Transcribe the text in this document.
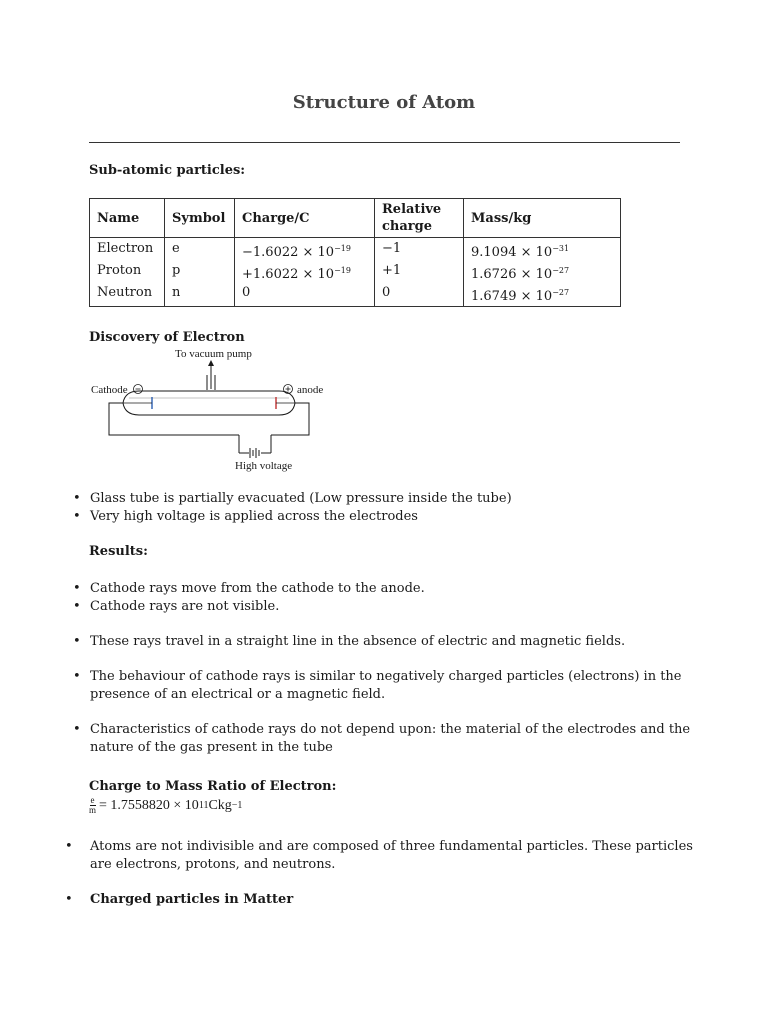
Structure of Atom
Sub-atomic particles:
Name	Symbol	Charge/C	Relative charge	Mass/kg
Electron	e	$-1.6022 \times 10^{-19}$	−1	$9.1094 \times 10^{-31}$
Proton	p	$+1.6022 \times 10^{-19}$	+1	$1.6726 \times 10^{-27}$
Neutron	n	0	0	$1.6749 \times 10^{-27}$
Discovery of Electron
To vacuum pump
Cathode	anode
High voltage
• Glass tube is partially evacuated (Low pressure inside the tube)
• Very high voltage is applied across the electrodes
Results:
• Cathode rays move from the cathode to the anode.
• Cathode rays are not visible.
• These rays travel in a straight line in the absence of electric and magnetic fields.
• The behaviour of cathode rays is similar to negatively charged particles (electrons) in the presence of an electrical or a magnetic field.
• Characteristics of cathode rays do not depend upon: the material of the electrodes and the nature of the gas present in the tube
Charge to Mass Ratio of Electron:
$\frac{e}{m} = 1.7558820 \times 10$ 11 Ckg −1
• Atoms are not indivisible and are composed of three fundamental particles. These particles are electrons, protons, and neutrons.
• Charged particles in Matter
